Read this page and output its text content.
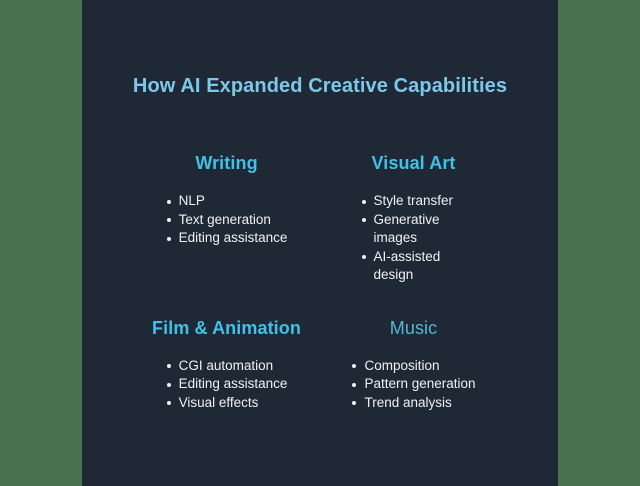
How AI Expanded Creative Capabilities
Writing
NLP
Text generation
Editing assistance
Visual Art
Style transfer
Generative images
AI-assisted design
Film & Animation
CGI automation
Editing assistance
Visual effects
Music
Composition
Pattern generation
Trend analysis
